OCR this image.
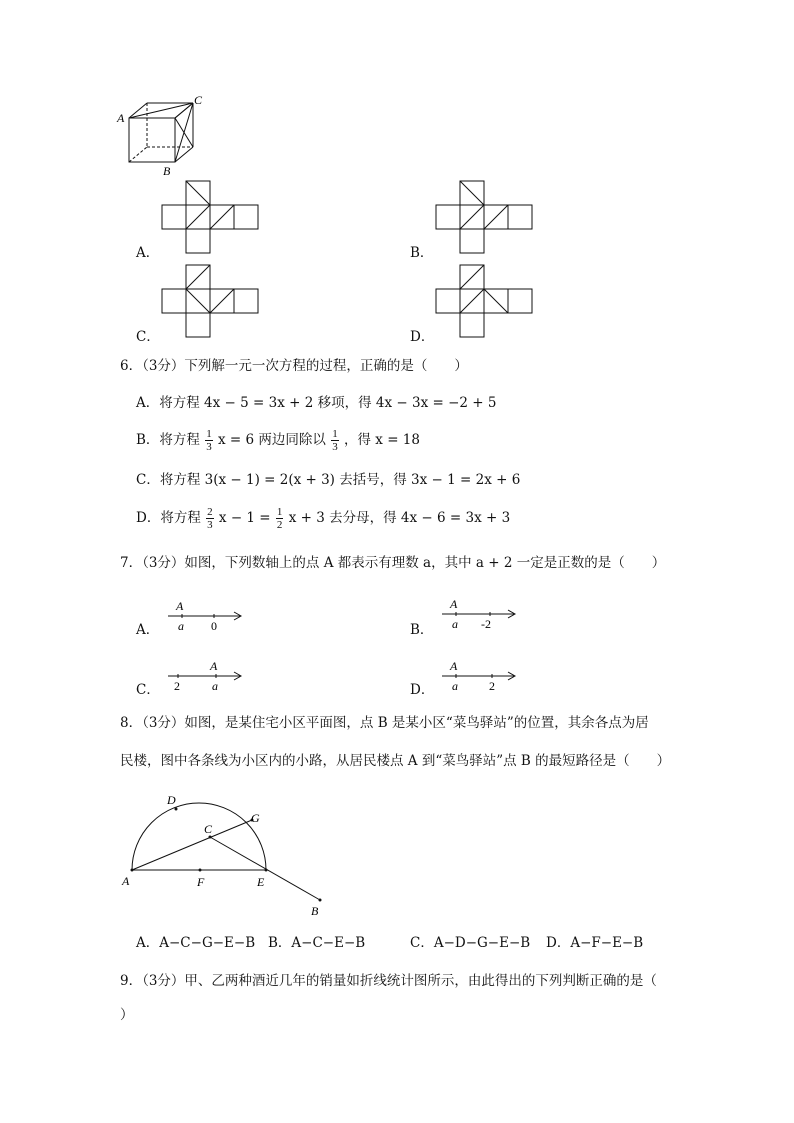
A
C
B
A．	B．
C．	D．
6．（3分）下列解一元一次方程的过程，正确的是（　　）
A．将方程 4x − 5 = 3x + 2 移项，得 4x − 3x = −2 + 5
B．将方程 $\frac{1}{3}$ x = 6 两边同除以 $\frac{1}{3}$ ，得 x = 18
C．将方程 3(x − 1) = 2(x + 3) 去括号，得 3x − 1 = 2x + 6
D．将方程 $\frac{2}{3}$ $x - 1 = \frac{1}{2}$ x + 3 去分母，得 4x − 6 = 3x + 3
7．（3分）如图，下列数轴上的点 A 都表示有理数 a，其中 a + 2 一定是正数的是（　　）
A．
A
a 0	B．
A
a -2
C． 2
A
a	D．
A
a	2
8．（3分）如图，是某住宅小区平面图，点 B 是某小区“菜鸟驿站”的位置，其余各点为居
民楼，图中各条线为小区内的小路，从居民楼点 A 到“菜鸟驿站”点 B 的最短路径是（　　）
A
D
C
G
F	E
B
A．A−C−G−E−B B．A−C−E−B	C．A−D−G−E−B D．A−F−E−B
9．（3分）甲、乙两种酒近几年的销量如折线统计图所示，由此得出的下列判断正确的是（
）
